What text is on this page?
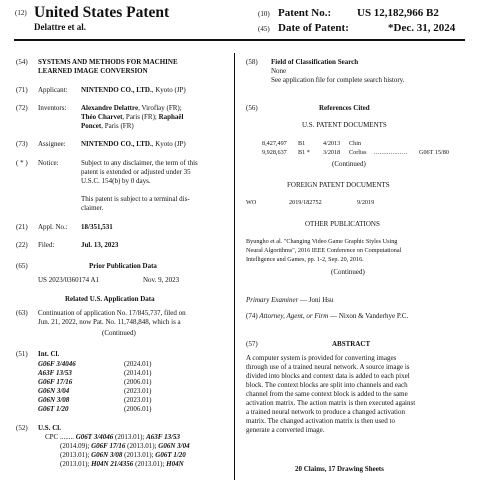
(12) United States Patent
Delattre et al.
(10) Patent No.: US 12,182,966 B2
(45) Date of Patent:	*Dec. 31, 2024
(54) SYSTEMS AND METHODS FOR MACHINE
LEARNED IMAGE CONVERSION
(71) Applicant: NINTENDO CO., LTD., Kyoto (JP)
(72) Inventors: Alexandre Delattre, Viroflay (FR);
Théo Charvet, Paris (FR); Raphaël
Poncet, Paris (FR)
(73) Assignee: NINTENDO CO., LTD., Kyoto (JP)
( * ) Notice:	Subject to any disclaimer, the term of this
patent is extended or adjusted under 35
U.S.C. 154(b) by 0 days.
This patent is subject to a terminal dis-
claimer.
(21) Appl. No.: 18/351,531
(22) Filed:	Jul. 13, 2023
(65)	Prior Publication Data
US 2023/0360174 A1	Nov. 9, 2023
Related U.S. Application Data
(63) Continuation of application No. 17/845,737, filed on
Jun. 21, 2022, now Pat. No. 11,748,848, which is a
(Continued)
(51) Int. Cl.
G06F 3/4046	(2024.01)
A63F 13/53	(2014.01)
G06F 17/16	(2006.01)
G06N 3/04	(2023.01)
G06N 3/08	(2023.01)
G06T 1/20	(2006.01)
(52) U.S. Cl.
CPC ........ G06T 3/4046 (2013.01); A63F 13/53
(2014.09); G06F 17/16 (2013.01); G06N 3/04
(2013.01); G06N 3/08 (2013.01); G06T 1/20
(2013.01); H04N 21/4356 (2013.01); H04N
(58) Field of Classification Search
None
See application file for complete search history.
(56)	References Cited
U.S. PATENT DOCUMENTS
8,427,497 B1	4/2013 Chin
9,928,637 B1 * 3/2018 Corliss .................. G06T 15/80
(Continued)
FOREIGN PATENT DOCUMENTS
WO	2019/182752	9/2019
OTHER PUBLICATIONS
Byungho et al. "Changing Video Game Graphic Styles Using
Neural Algorithms", 2016 IEEE Conference on Computational
Intelligence and Games, pp. 1-2, Sep. 20, 2016.
(Continued)
Primary Examiner — Joni Hsu
(74) Attorney, Agent, or Firm — Nixon & Vanderhye P.C.
(57)	ABSTRACT
A computer system is provided for converting images
through use of a trained neural network. A source image is
divided into blocks and context data is added to each pixel
block. The context blocks are split into channels and each
channel from the same context block is added to the same
activation matrix. The action matrix is then executed against
a trained neural network to produce a changed activation
matrix. The changed activation matrix is then used to
generate a converted image.
20 Claims, 17 Drawing Sheets
